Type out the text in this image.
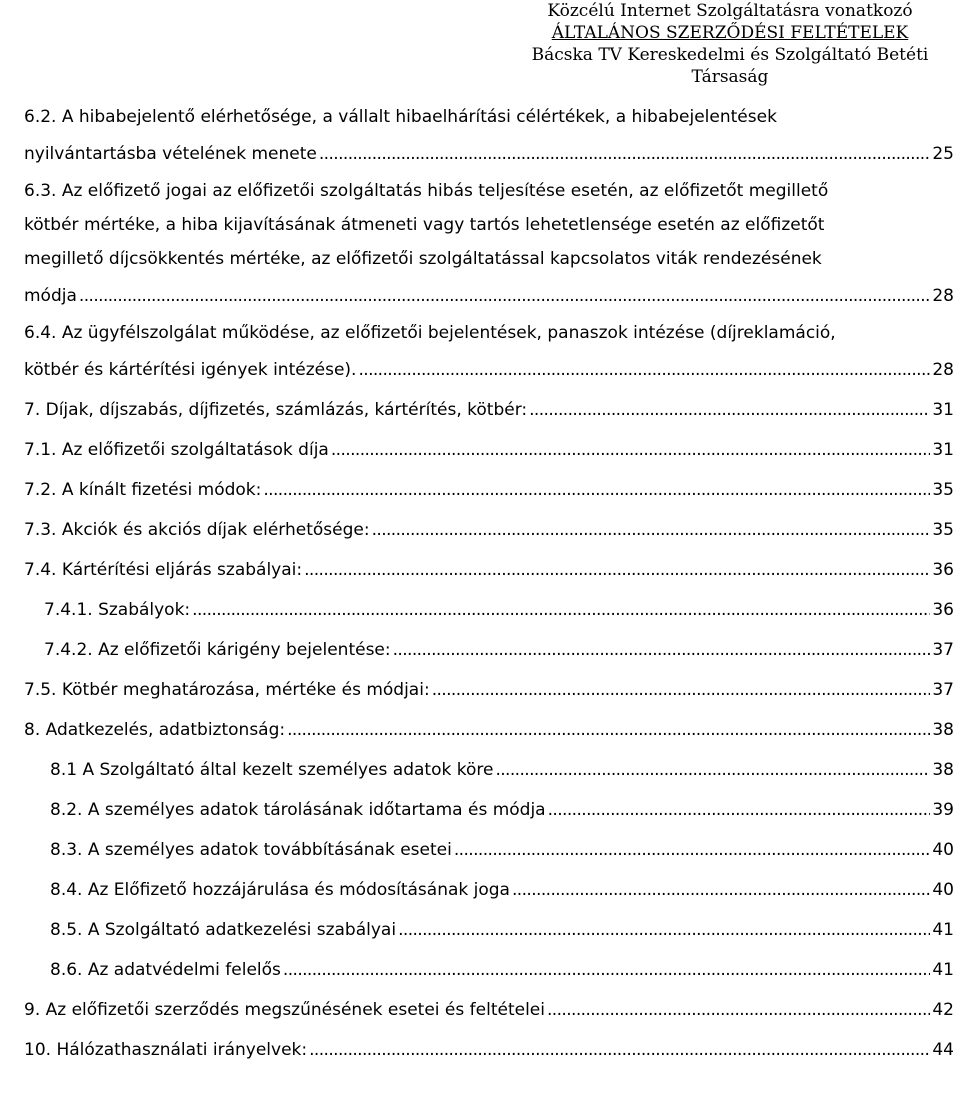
Közcélú Internet Szolgáltatásra vonatkozó
ÁLTALÁNOS SZERZŐDÉSI FELTÉTELEK
Bácska TV Kereskedelmi és Szolgáltató Betéti Társaság
6.2. A hibabejelentő elérhetősége, a vállalt hibaelhárítási célértékek, a hibabejelentések
nyilvántartásba vételének menete . . .	25
6.3. Az előfizető jogai az előfizetői szolgáltatás hibás teljesítése esetén, az előfizetőt megillető
kötbér mértéke, a hiba kijavításának átmeneti vagy tartós lehetetlensége esetén az előfizetőt
megillető díjcsökkentés mértéke, az előfizetői szolgáltatással kapcsolatos viták rendezésének
módja . . .	28
6.4. Az ügyfélszolgálat működése, az előfizetői bejelentések, panaszok intézése (díjreklamáció,
kötbér és kártérítési igények intézése). . . .	28
7. Díjak, díjszabás, díjfizetés, számlázás, kártérítés, kötbér: . . .	31
7.1. Az előfizetői szolgáltatások díja . . .	31
7.2. A kínált fizetési módok: . . .	35
7.3. Akciók és akciós díjak elérhetősége: . . .	35
7.4. Kártérítési eljárás szabályai: . . .	36
7.4.1. Szabályok: . . .	36
7.4.2. Az előfizetői kárigény bejelentése: . . .	37
7.5. Kötbér meghatározása, mértéke és módjai: . . .	37
8. Adatkezelés, adatbiztonság: . . .	38
8.1 A Szolgáltató által kezelt személyes adatok köre . . .	38
8.2. A személyes adatok tárolásának időtartama és módja . . .	39
8.3. A személyes adatok továbbításának esetei . . .	40
8.4. Az Előfizető hozzájárulása és módosításának joga . . .	40
8.5. A Szolgáltató adatkezelési szabályai . . .	41
8.6. Az adatvédelmi felelős . . .	41
9. Az előfizetői szerződés megszűnésének esetei és feltételei . . .	42
10. Hálózathasználati irányelvek: . . .	44
